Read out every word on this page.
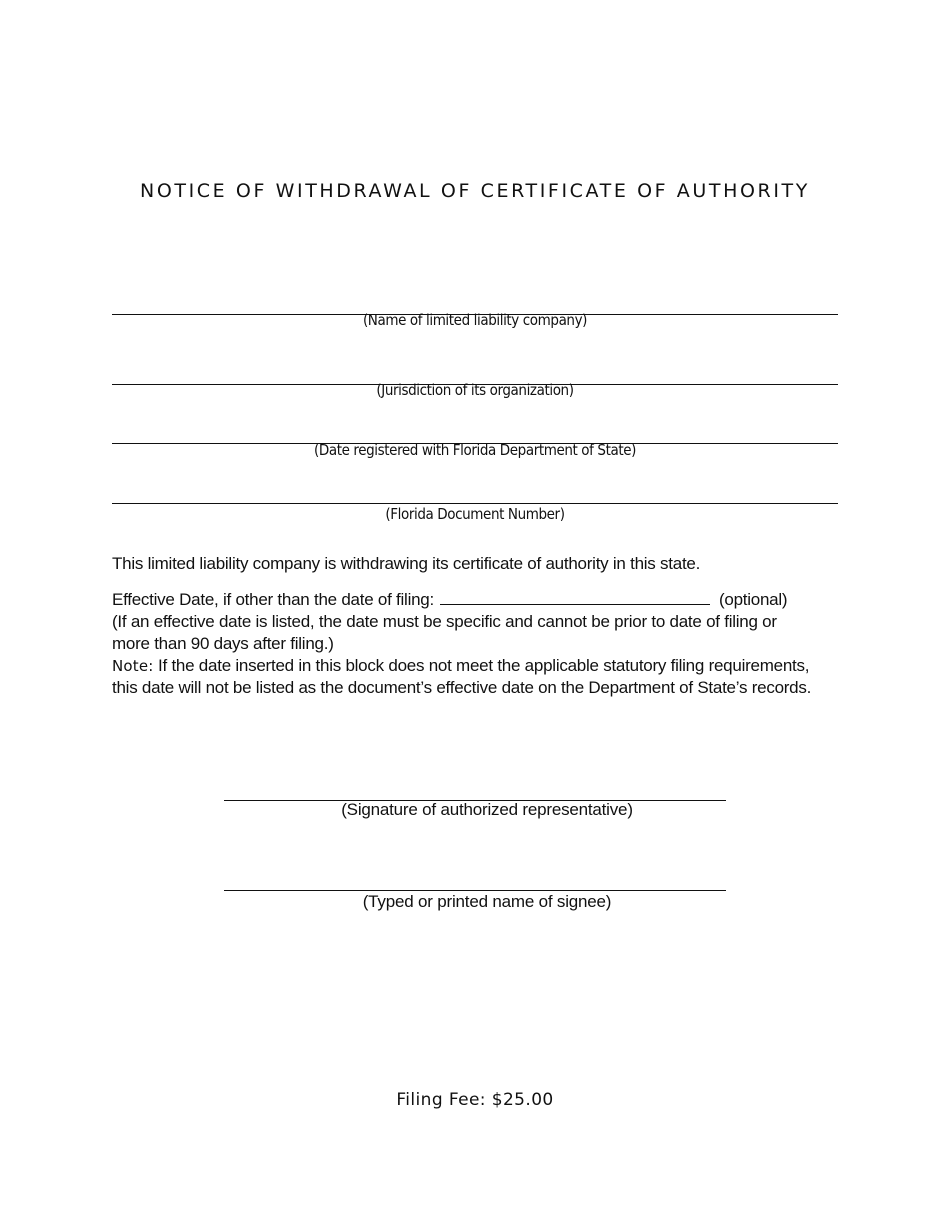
NOTICE OF WITHDRAWAL OF CERTIFICATE OF AUTHORITY
(Name of limited liability company)
(Jurisdiction of its organization)
(Date registered with Florida Department of State)
(Florida Document Number)
This limited liability company is withdrawing its certificate of authority in this state.
Effective Date, if other than the date of filing:	(optional)
(If an effective date is listed, the date must be specific and cannot be prior to date of filing or
more than 90 days after filing.)
Note: If the date inserted in this block does not meet the applicable statutory filing requirements,
this date will not be listed as the document’s effective date on the Department of State’s records.
(Signature of authorized representative)
(Typed or printed name of signee)
Filing Fee: $25.00
